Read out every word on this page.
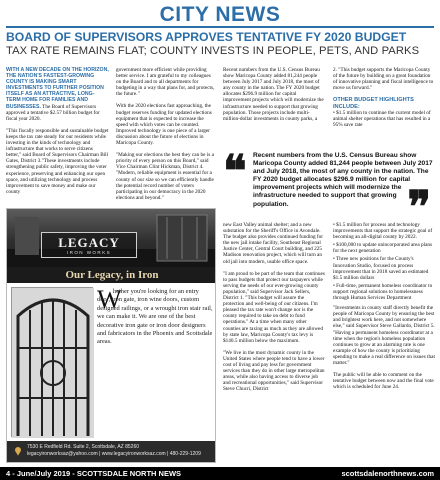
CITY NEWS
BOARD OF SUPERVISORS APPROVES TENTATIVE FY 2020 BUDGET
TAX RATE REMAINS FLAT; COUNTY INVESTS IN PEOPLE, PETS, AND PARKS

WITH A NEW DECADE ON THE HORIZON, THE NATION'S FASTEST-GROWING COUNTY IS MAKING SMART INVESTMENTS TO FURTHER POSITION ITSELF AS AN ATTRACTIVE, LONG-TERM HOME FOR FAMILIES AND BUSINESSES. The Board of Supervisors approved a tentative $2.57 billion budget for fiscal year 2020.

"This fiscally responsible and sustainable budget keeps the tax rate steady for our residents while investing in the kinds of technology and infrastructure that works to serve citizens better," said Board of Supervisors Chairman Bill Gates, District 3."These investments include strengthening public safety, improving the voter experience, preserving and enhancing our open space, and utilizing technology and process improvement to save money and make our county

government more efficient while providing better service. I am grateful to my colleagues on the Board and to all departments for budgeting in a way that plans for, and protects, the future."

With the 2020 elections fast approaching, the budget reserves funding for updated elections equipment that is expected to increase the speed with which votes can be counted. Improved technology is one piece of a larger discussion about the future of elections in Maricopa County.

"Making our elections the best they can be is a priority of every person on this Board," said Vice Chairman Clint Hickman, District 4. "Modern, reliable equipment is essential for a county of our size so we can efficiently handle the potential record number of voters participating in our democracy in the 2020 elections and beyond."

Recent numbers from the U.S. Census Bureau show Maricopa County added 81,244 people between July 2017 and July 2018, the most of any county in the nation. The FY 2020 budget allocates $296.9 million for capital improvement projects which will modernize the infrastructure needed to support that growing population. Those projects include multi-million-dollar investments in county parks, a

2. "This budget supports the Maricopa County of the future by building on a great foundation of innovative planning and fiscal intelligence to move us forward."

OTHER BUDGET HIGHLIGHTS INCLUDE:
• $1.5 million to continue the current model of animal shelter operations that has resulted in a 95% save rate
❝ Recent numbers from the U.S. Census Bureau show Maricopa County added 81,244 people between July 2017 and July 2018, the most of any county in the nation. The FY 2020 budget allocates $296.9 million for capital improvement projects which will modernize the infrastructure needed to support that growing population.	❞

new East Valley animal shelter; and a new substation for the Sheriff's Office in Avondale. The budget also provides continued funding for the new jail intake facility, Southeast Regional Justice Center, Central Court building, and 225 Madison renovation project, which will turn an old jail into modern, usable office space.

"I am proud to be part of the team that continues to pass budgets that protect our taxpayers while serving the needs of our ever-growing county population," said Supervisor Jack Sellers, District 1. "This budget will assure the protection and well-being of our citizens. I'm pleased the tax rate won't change nor is the county required to take on debt to fund operations." At a time when many other counties are taxing as much as they are allowed by state law, Maricopa County's tax levy is $140.5 million below the maximum.

"We live in the most dynamic county in the United States where people tend to have a lower cost of living and pay less for government services than they do in other large metropolitan areas, while also having access to diverse job and recreational opportunities," said Supervisor Steve Chucri, District

• $1.5 million for process and technology improvements that support the strategic goal of becoming an all-digital county by 2022.
• $100,000 to update unincorporated area plans for the next generation
• Three new positions for the County's Innovation Studio, focused on process improvement that in 2018 saved an estimated $1.5 million dollars
• Full-time, permanent homeless coordinator to support regional solutions to homelessness through Human Services Department

"Investments in county staff directly benefit the people of Maricopa County by ensuring the best and brightest work here, and not somewhere else," said Supervisor Steve Gallardo, District 5. "Having a permanent homeless coordinator at a time when the region's homeless population continues to grow at an alarming rate is one example of how the county is prioritizing spending to make a real difference on issues that matter."

The public will be able to comment on the tentative budget between now and the final vote which is scheduled for June 24.

LEGACY
IRON WORKS
Our Legacy, in Iron
W
hether you're looking for an entry door, iron gate, iron wine doors, custom designed railings, or a wrought iron stair rail, we can make it. We are one of the best decorative iron gate or iron door designers and fabricators in the Phoenix and Scottsdale areas.
7530 E Redfield Rd. Suite 2, Scottsdale, AZ 85260
legacyironworksaz@yahoo.com | www.legacyironworksaz.com | 480-229-1209
4 - June/July 2019 - SCOTTSDALE NORTH NEWS	scottsdalenorthnews.com
